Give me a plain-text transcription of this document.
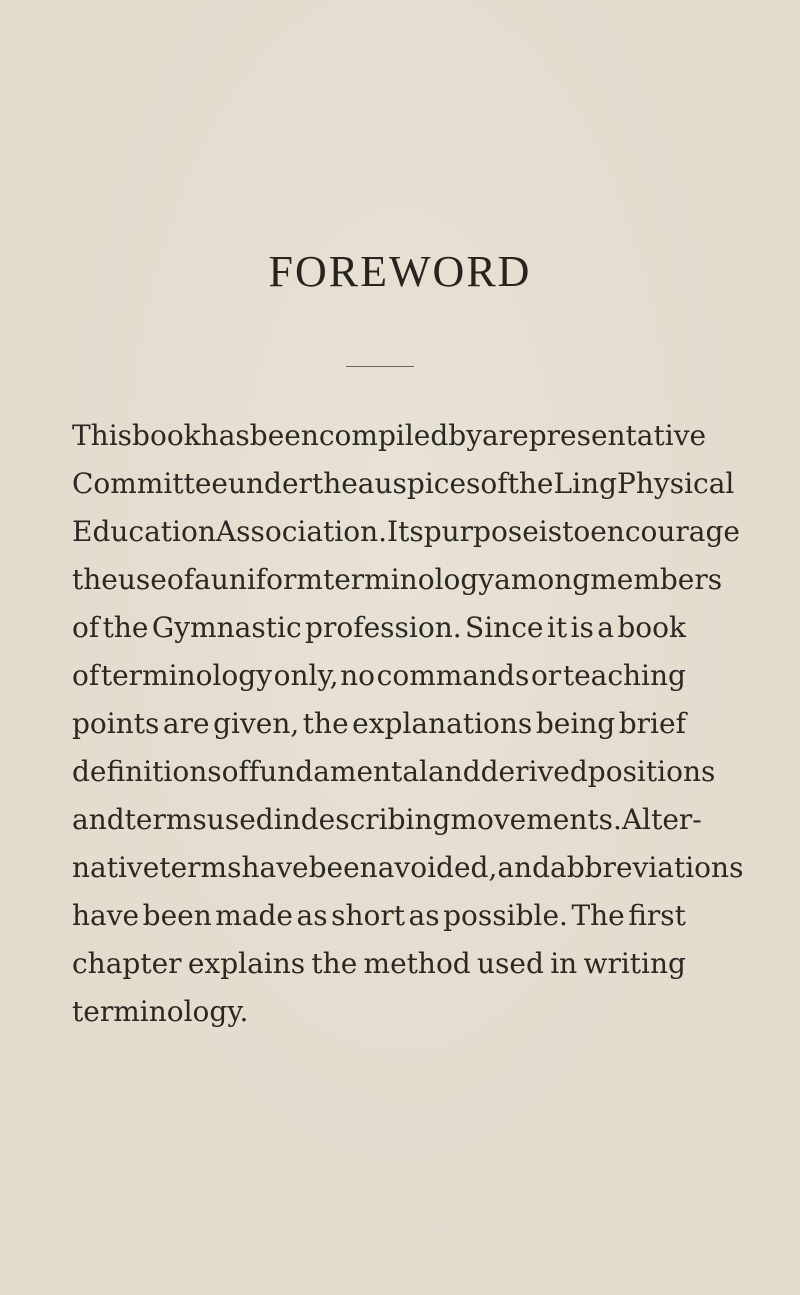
FOREWORD
This book has been compiled by a representative
Committee under the auspices of the Ling Physical
Education Association. Its purpose is to encourage
the use of a uniform terminology among members
of the Gymnastic profession. Since it is a book
of terminology only, no commands or teaching
points are given, the explanations being brief
definitions of fundamental and derived positions
and terms used in describing movements. Alter-
native terms have been avoided, and abbreviations
have been made as short as possible. The first
chapter explains the method used in writing
terminology.
